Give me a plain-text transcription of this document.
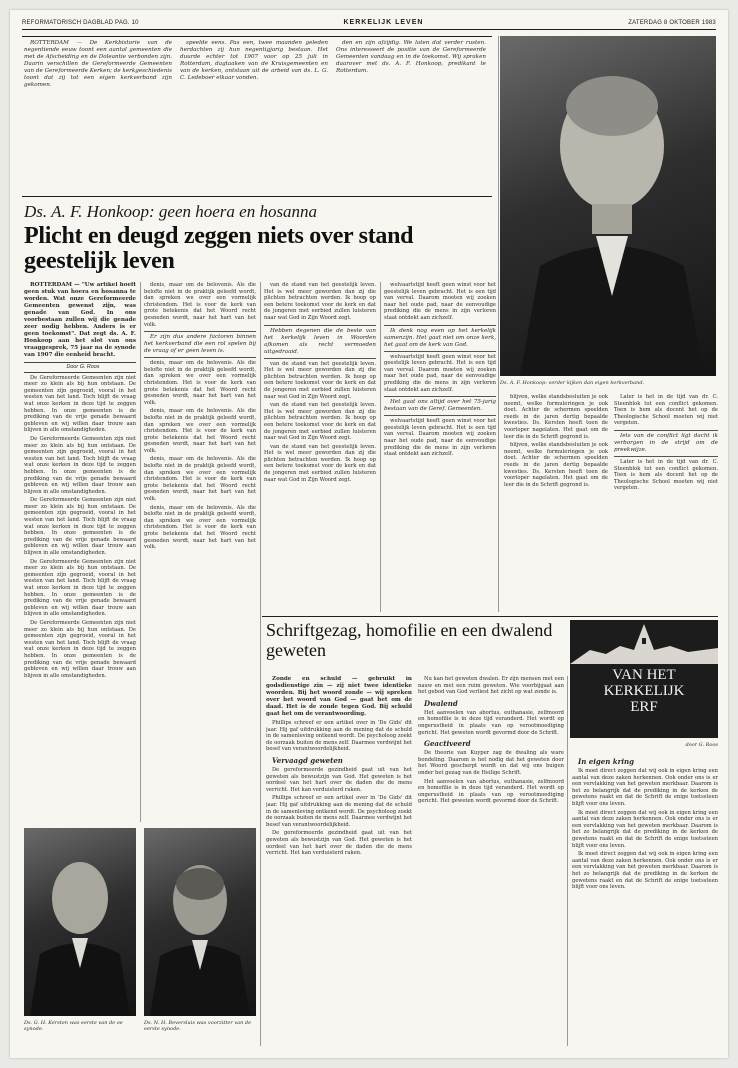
REFORMATORISCH DAGBLAD PAG. 10	KERKELIJK LEVEN	ZATERDAG 8 OKTOBER 1983

ROTTERDAM — De Kerkbistorie van de negentiende eeuw toont een aantal gemeenten die met de Afscheiding en de Doleantie verbonden zijn. Daarin verschillen de Gereformeerde Gemeenten van de Gereformeerde Kerken; de kerkgeschiedenis toont dat zij tot een eigen kerkverband zijn gekomen.

speelde eens. Pas een, twee maanden geleden herdachten zij hun negentigjarig bestaan. Het duurde echter tot 1907 voor op 25 juli in Rotterdam, dagtaaken van de Kruisgemeenten en van de kerken, ontstaan uit de arbeid van ds. L. G. C. Ledeboer elkaar vonden.

den en zijn afzijdig. We laten dat verder rusten. Ons interesseert de positie van de Gereformeerde Gemeenten vandaag en in de toekomst. Wij spraken daarover met ds. A. F. Honkoop, predikant te Rotterdam.

Ds. A. F. Honkoop: verder kijken dan eigen kerkverband.
Ds. A. F. Honkoop: geen hoera en hosanna
Plicht en deugd zeggen niets over stand geestelijk leven

ROTTERDAM — "Uw artikel hoeft geen stuk van hoera en hosanna te worden. Wat onze Gereformeerde Gemeenten gewenst zijn, was genade van God. In ons voorbestaan zullen wij die genade zeer nodig hebben. Anders is er geen toekomst". Dat zegt ds. A. F. Honkoop aan het slot van ons vraaggesprek, 75 jaar na de synode van 1907 die eenheid bracht.

Door G. Roos

De Gereformeerde Gemeenten zijn niet meer zo klein als bij hun ontstaan. De gemeenten zijn gegroeid, vooral in het westen van het land. Toch blijft de vraag wat onze kerken in deze tijd te zeggen hebben. In onze gemeenten is de prediking van de vrije genade bewaard gebleven en wij willen daar trouw aan blijven in alle omstandigheden.

De Gereformeerde Gemeenten zijn niet meer zo klein als bij hun ontstaan. De gemeenten zijn gegroeid, vooral in het westen van het land. Toch blijft de vraag wat onze kerken in deze tijd te zeggen hebben. In onze gemeenten is de prediking van de vrije genade bewaard gebleven en wij willen daar trouw aan blijven in alle omstandigheden.

De Gereformeerde Gemeenten zijn niet meer zo klein als bij hun ontstaan. De gemeenten zijn gegroeid, vooral in het westen van het land. Toch blijft de vraag wat onze kerken in deze tijd te zeggen hebben. In onze gemeenten is de prediking van de vrije genade bewaard gebleven en wij willen daar trouw aan blijven in alle omstandigheden.

De Gereformeerde Gemeenten zijn niet meer zo klein als bij hun ontstaan. De gemeenten zijn gegroeid, vooral in het westen van het land. Toch blijft de vraag wat onze kerken in deze tijd te zeggen hebben. In onze gemeenten is de prediking van de vrije genade bewaard gebleven en wij willen daar trouw aan blijven in alle omstandigheden.

De Gereformeerde Gemeenten zijn niet meer zo klein als bij hun ontstaan. De gemeenten zijn gegroeid, vooral in het westen van het land. Toch blijft de vraag wat onze kerken in deze tijd te zeggen hebben. In onze gemeenten is de prediking van de vrije genade bewaard gebleven en wij willen daar trouw aan blijven in alle omstandigheden.

denis, maar om de belovenis. Als die belofte niet in de praktijk geleefd wordt, dan spreken we over een vormelijk christendom. Het is voor de kerk van grote betekenis dat het Woord recht gesneden wordt, naar het hart van het volk.

Er zijn dus andere factoren binnen het kerkverband die een rol spelen bij de vraag of er geen leven is.

denis, maar om de belovenis. Als die belofte niet in de praktijk geleefd wordt, dan spreken we over een vormelijk christendom. Het is voor de kerk van grote betekenis dat het Woord recht gesneden wordt, naar het hart van het volk.

denis, maar om de belovenis. Als die belofte niet in de praktijk geleefd wordt, dan spreken we over een vormelijk christendom. Het is voor de kerk van grote betekenis dat het Woord recht gesneden wordt, naar het hart van het volk.

denis, maar om de belovenis. Als die belofte niet in de praktijk geleefd wordt, dan spreken we over een vormelijk christendom. Het is voor de kerk van grote betekenis dat het Woord recht gesneden wordt, naar het hart van het volk.

denis, maar om de belovenis. Als die belofte niet in de praktijk geleefd wordt, dan spreken we over een vormelijk christendom. Het is voor de kerk van grote betekenis dat het Woord recht gesneden wordt, naar het hart van het volk.

van de stand van het geestelijk leven. Het is wel meer geworden dan zij die plichten betrachten werden. Ik hoop op een betere toekomst voor de kerk en dat de jongeren met eerbied zullen luisteren naar wat God in Zijn Woord zegt.

Hebben degenen die de beste van het kerkelijk leven in Woorden afkomen als recht vermoeden uitgedraaid.

van de stand van het geestelijk leven. Het is wel meer geworden dan zij die plichten betrachten werden. Ik hoop op een betere toekomst voor de kerk en dat de jongeren met eerbied zullen luisteren naar wat God in Zijn Woord zegt.

van de stand van het geestelijk leven. Het is wel meer geworden dan zij die plichten betrachten werden. Ik hoop op een betere toekomst voor de kerk en dat de jongeren met eerbied zullen luisteren naar wat God in Zijn Woord zegt.

van de stand van het geestelijk leven. Het is wel meer geworden dan zij die plichten betrachten werden. Ik hoop op een betere toekomst voor de kerk en dat de jongeren met eerbied zullen luisteren naar wat God in Zijn Woord zegt.

welvaartstijd heeft geen winst voor het geestelijk leven gebracht. Het is een tijd van verval. Daarom moeten wij zoeken naar het oude pad, naar de eenvoudige prediking die de mens in zijn verloren staat ontdekt aan zichzelf.

Ik denk nog even op het kerkelijk samenzijn. Het gaat niet om onze kerk, het gaat om de kerk van God.

welvaartstijd heeft geen winst voor het geestelijk leven gebracht. Het is een tijd van verval. Daarom moeten wij zoeken naar het oude pad, naar de eenvoudige prediking die de mens in zijn verloren staat ontdekt aan zichzelf.

Het gaat ons altijd over het 75-jarig bestaan van de Geref. Gemeenten.

welvaartstijd heeft geen winst voor het geestelijk leven gebracht. Het is een tijd van verval. Daarom moeten wij zoeken naar het oude pad, naar de eenvoudige prediking die de mens in zijn verloren staat ontdekt aan zichzelf.

blijven, welke standsbesluiten je ook neemt, welke formuleringen je ook doet. Achter de schermen speelden reeds in de jaren dertig bepaalde kwesties. Ds. Kersten heeft toen de voorloper nagelaten. Het gaat om de leer die in de Schrift gegrond is.

blijven, welke standsbesluiten je ook neemt, welke formuleringen je ook doet. Achter de schermen speelden reeds in de jaren dertig bepaalde kwesties. Ds. Kersten heeft toen de voorloper nagelaten. Het gaat om de leer die in de Schrift gegrond is.

Later is het in de tijd van dr. C. Steenblok tot een conflict gekomen. Toen is hem als docent het op de Theologische School moeten wij niet vergeten.

Iets van de conflict ligt dacht ik verborgen in de strijd om de preekwijze.

Later is het in de tijd van dr. C. Steenblok tot een conflict gekomen. Toen is hem als docent het op de Theologische School moeten wij niet vergeten.

Ds. G. H. Kersten was eerste van de oe synode.
Ds. N. H. Beversluis was voorzitter van de eerste synode.
Schriftgezag, homofilie en een dwalend geweten

Zonde en schuld — gebruikt in godsdienstige zin — zij niet twee identieke woorden. Bij het woord zonde — wij spreken over het woord van God — gaat het om de daad. Het is de zonde tegen God. Bij schuld gaat het om de verantwoording.

Phillips schreef er een artikel over in 'De Gids' dit jaar. Hij gaf uitdrukking aan de mening dat de schuld in de samenleving ontkend wordt. De psycholoog zoekt de oorzaak buiten de mens zelf. Daarmee verdwijnt het besef van verantwoordelijkheid.

Vervaagd geweten

De gereformeerde gezindheid gaat uit van het geweten als bewustzijn van God. Het geweten is het oordeel van het hart over de daden die de mens verricht. Het kan verduisterd raken.

Phillips schreef er een artikel over in 'De Gids' dit jaar. Hij gaf uitdrukking aan de mening dat de schuld in de samenleving ontkend wordt. De psycholoog zoekt de oorzaak buiten de mens zelf. Daarmee verdwijnt het besef van verantwoordelijkheid.

De gereformeerde gezindheid gaat uit van het geweten als bewustzijn van God. Het geweten is het oordeel van het hart over de daden die de mens verricht. Het kan verduisterd raken.

Nu kan het geweten dwalen. Er zijn mensen met een nauw en met een ruim geweten. Wie voorbijgaat aan het gebod van God verliest het zicht op wat zonde is.

Dwalend

Het aanvoelen van abortus, euthanasie, zelfmoord en homofilie is in deze tijd veranderd. Het wordt op ongerustheid in plaats van op verootmoediging gericht. Het geweten wordt gevormd door de Schrift.

Geactiveerd

De theorie van Kuyper zag de dwaling als ware bondeling. Daarom is het nodig dat het geweten door het Woord gescherpt wordt en dat wij ons buigen onder het gezag van de Heilige Schrift.

Het aanvoelen van abortus, euthanasie, zelfmoord en homofilie is in deze tijd veranderd. Het wordt op ongerustheid in plaats van op verootmoediging gericht. Het geweten wordt gevormd door de Schrift.

VAN HET
KERKELIJK
ERF
door G. Roos

In eigen kring

Ik moet direct zeggen dat wij ook in eigen kring een aantal van deze zaken herkennen. Ook onder ons is er een vervlakking van het geweten merkbaar. Daarom is het zo belangrijk dat de prediking in de kerken de gewetens raakt en dat de Schrift de enige toetssteen blijft voor ons leven.

Ik moet direct zeggen dat wij ook in eigen kring een aantal van deze zaken herkennen. Ook onder ons is er een vervlakking van het geweten merkbaar. Daarom is het zo belangrijk dat de prediking in de kerken de gewetens raakt en dat de Schrift de enige toetssteen blijft voor ons leven.

Ik moet direct zeggen dat wij ook in eigen kring een aantal van deze zaken herkennen. Ook onder ons is er een vervlakking van het geweten merkbaar. Daarom is het zo belangrijk dat de prediking in de kerken de gewetens raakt en dat de Schrift de enige toetssteen blijft voor ons leven.
